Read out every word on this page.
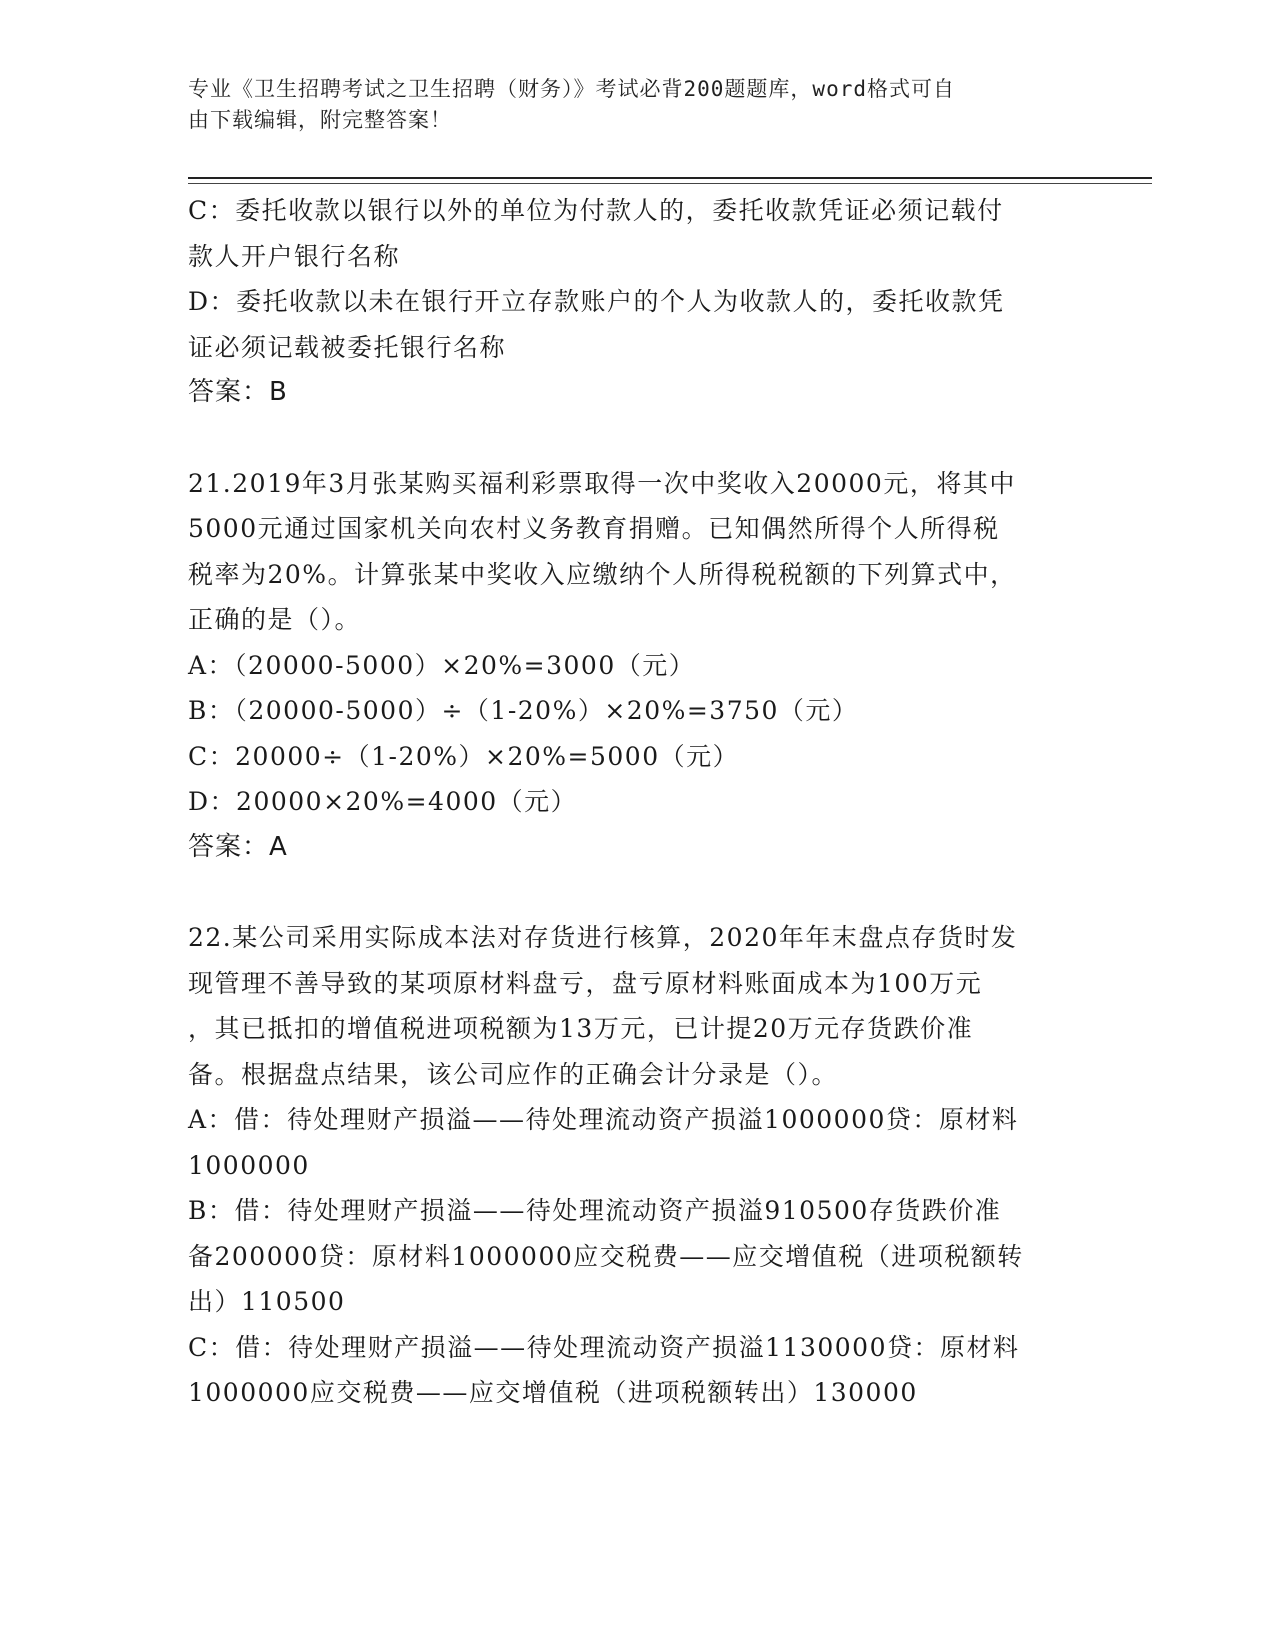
专业《卫生招聘考试之卫生招聘（财务）》考试必背200题题库，word格式可自
由下载编辑，附完整答案！

C：委托收款以银行以外的单位为付款人的，委托收款凭证必须记载付

款人开户银行名称

D：委托收款以未在银行开立存款账户的个人为收款人的，委托收款凭

证必须记载被委托银行名称

答案：B

21.2019年3月张某购买福利彩票取得一次中奖收入20000元，将其中

5000元通过国家机关向农村义务教育捐赠。已知偶然所得个人所得税

税率为20%。计算张某中奖收入应缴纳个人所得税税额的下列算式中，

正确的是（）。

A：（20000-5000）×20%=3000（元）

B：（20000-5000）÷（1-20%）×20%=3750（元）

C：20000÷（1-20%）×20%=5000（元）

D：20000×20%=4000（元）

答案：A

22.某公司采用实际成本法对存货进行核算，2020年年末盘点存货时发

现管理不善导致的某项原材料盘亏，盘亏原材料账面成本为100万元

，其已抵扣的增值税进项税额为13万元，已计提20万元存货跌价准

备。根据盘点结果，该公司应作的正确会计分录是（）。

A：借：待处理财产损溢——待处理流动资产损溢1000000贷：原材料

1000000

B：借：待处理财产损溢——待处理流动资产损溢910500存货跌价准

备200000贷：原材料1000000应交税费——应交增值税（进项税额转

出）110500

C：借：待处理财产损溢——待处理流动资产损溢1130000贷：原材料

1000000应交税费——应交增值税（进项税额转出）130000
